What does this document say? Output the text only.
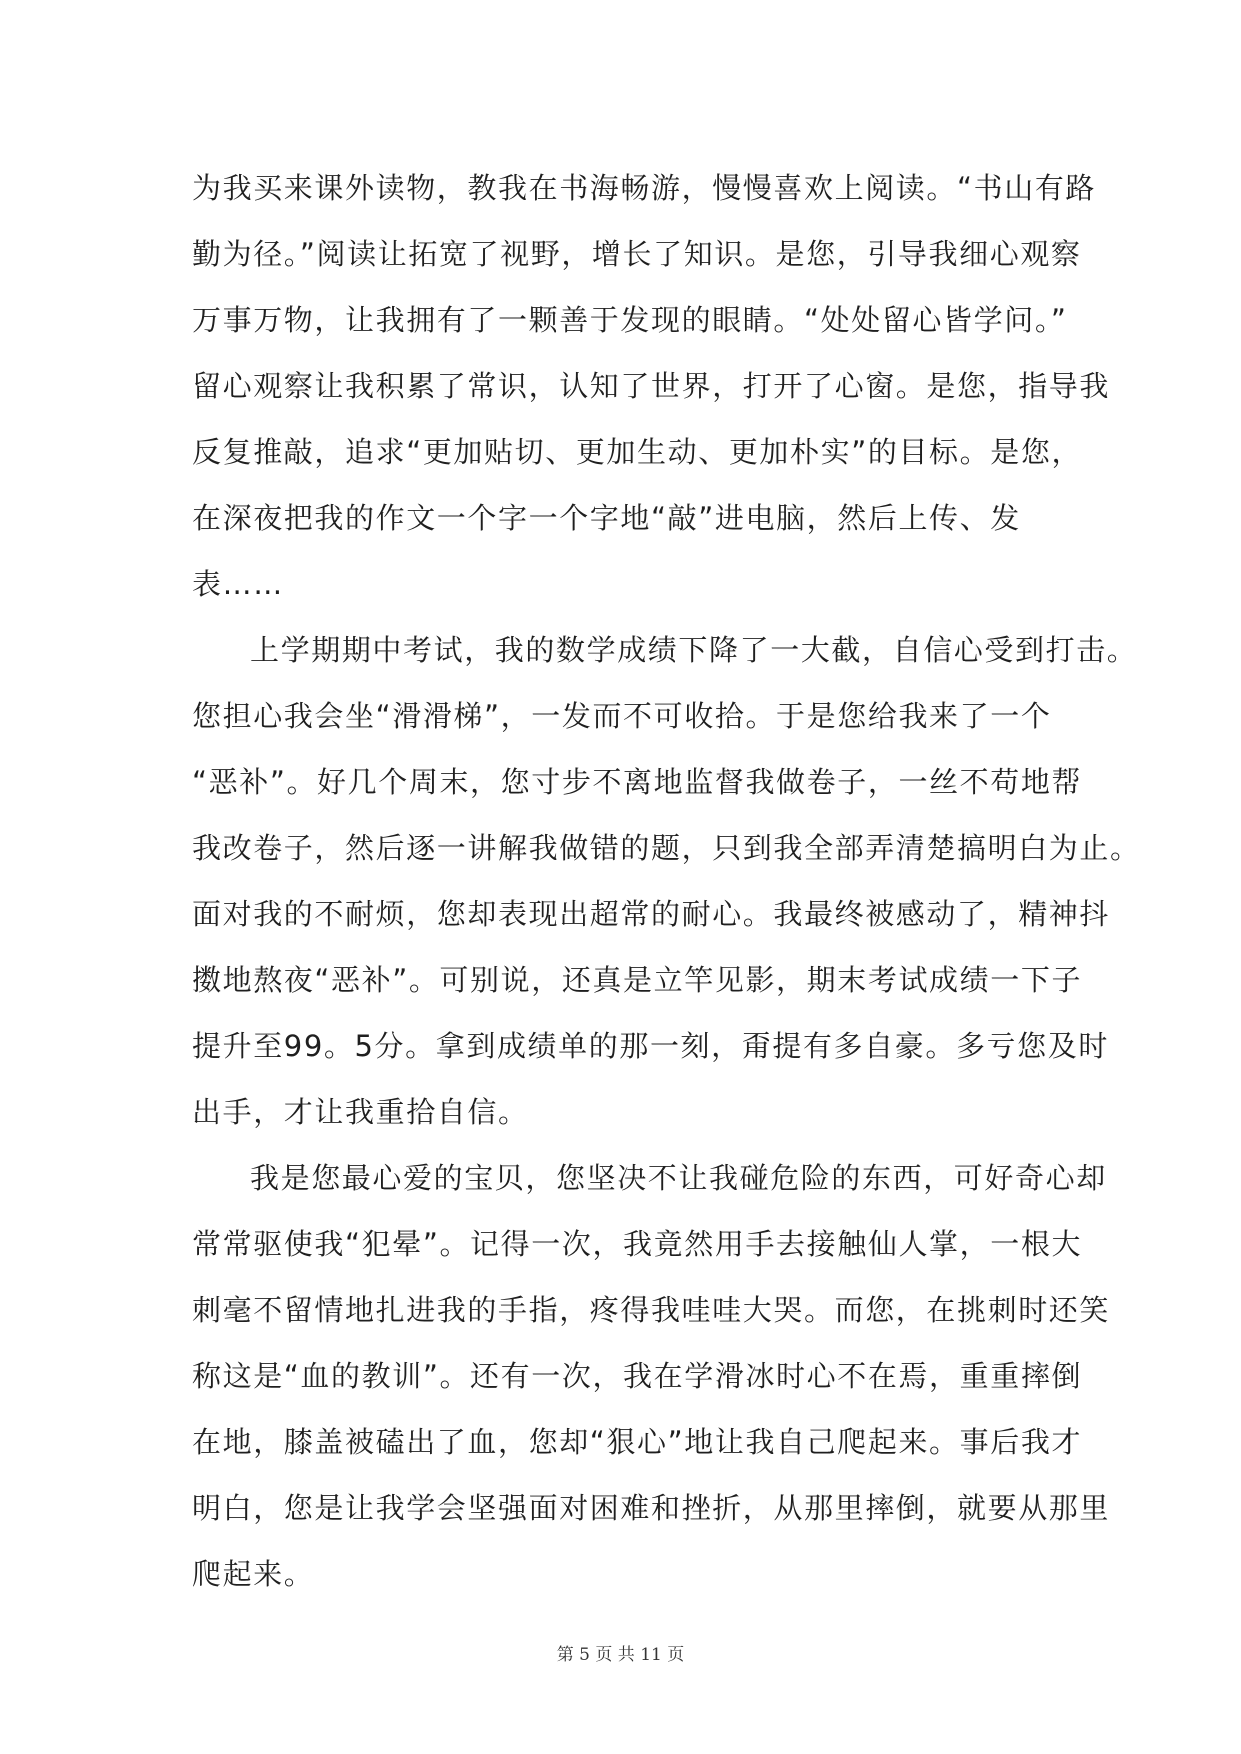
为我买来课外读物，教我在书海畅游，慢慢喜欢上阅读。“书山有路
勤为径。”阅读让拓宽了视野，增长了知识。是您，引导我细心观察
万事万物，让我拥有了一颗善于发现的眼睛。“处处留心皆学问。”
留心观察让我积累了常识，认知了世界，打开了心窗。是您，指导我
反复推敲，追求“更加贴切、更加生动、更加朴实”的目标。是您，
在深夜把我的作文一个字一个字地“敲”进电脑，然后上传、发
表……
上学期期中考试，我的数学成绩下降了一大截，自信心受到打击。
您担心我会坐“滑滑梯”，一发而不可收拾。于是您给我来了一个
“恶补”。好几个周末，您寸步不离地监督我做卷子，一丝不苟地帮
我改卷子，然后逐一讲解我做错的题，只到我全部弄清楚搞明白为止。
面对我的不耐烦，您却表现出超常的耐心。我最终被感动了，精神抖
擞地熬夜“恶补”。可别说，还真是立竿见影，期末考试成绩一下子
提升至99。5分。拿到成绩单的那一刻，甭提有多自豪。多亏您及时
出手，才让我重拾自信。
我是您最心爱的宝贝，您坚决不让我碰危险的东西，可好奇心却
常常驱使我“犯晕”。记得一次，我竟然用手去接触仙人掌，一根大
刺毫不留情地扎进我的手指，疼得我哇哇大哭。而您，在挑刺时还笑
称这是“血的教训”。还有一次，我在学滑冰时心不在焉，重重摔倒
在地，膝盖被磕出了血，您却“狠心”地让我自己爬起来。事后我才
明白，您是让我学会坚强面对困难和挫折，从那里摔倒，就要从那里
爬起来。
第 5 页 共 11 页
